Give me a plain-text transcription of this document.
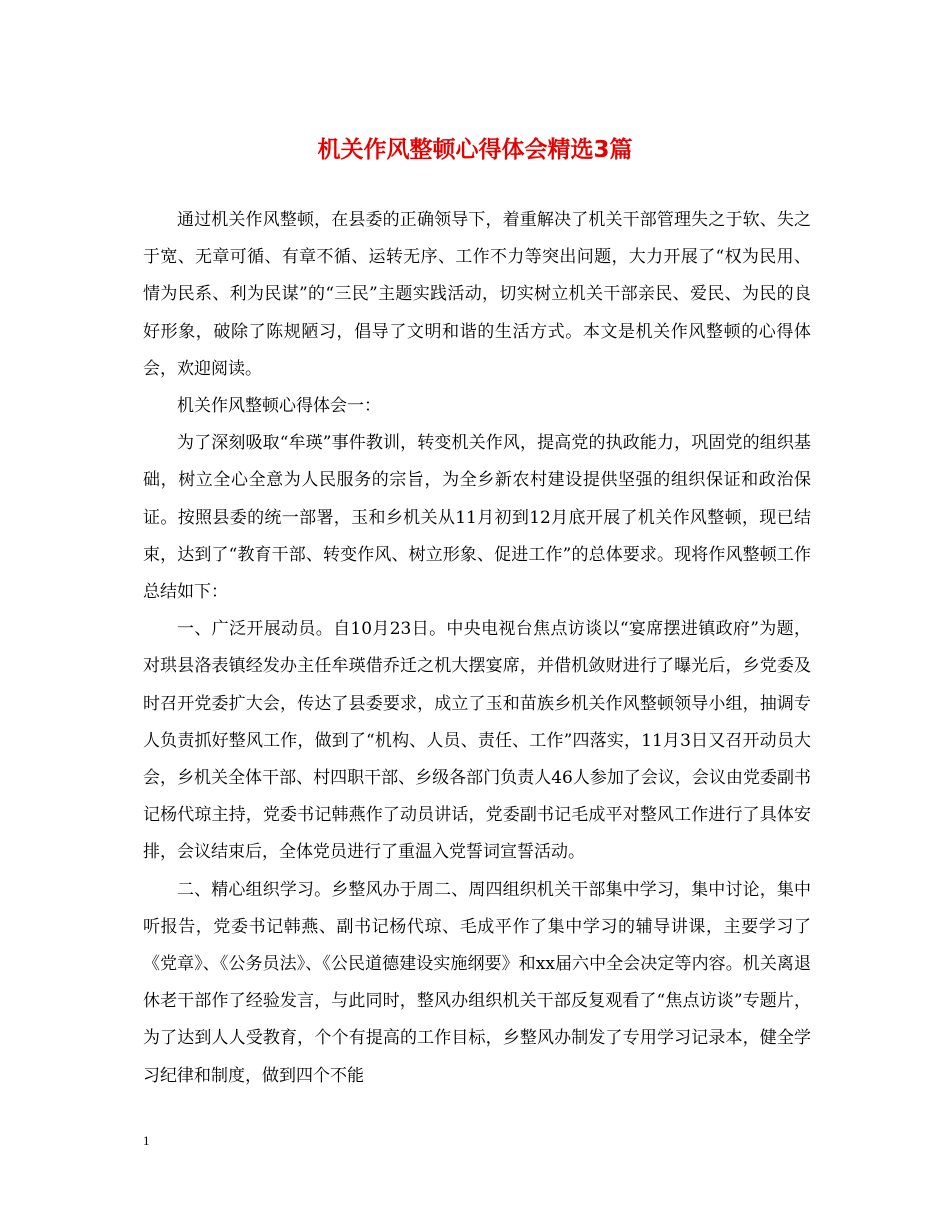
机关作风整顿心得体会精选3篇

通过机关作风整顿，在县委的正确领导下，着重解决了机关干部管理失之于软、失之于宽、无章可循、有章不循、运转无序、工作不力等突出问题，大力开展了“权为民用、情为民系、利为民谋”的“三民”主题实践活动，切实树立机关干部亲民、爱民、为民的良好形象，破除了陈规陋习，倡导了文明和谐的生活方式。本文是机关作风整顿的心得体会，欢迎阅读。

机关作风整顿心得体会一：

为了深刻吸取“牟瑛”事件教训，转变机关作风，提高党的执政能力，巩固党的组织基础，树立全心全意为人民服务的宗旨，为全乡新农村建设提供坚强的组织保证和政治保证。按照县委的统一部署，玉和乡机关从11月初到12月底开展了机关作风整顿，现已结束，达到了“教育干部、转变作风、树立形象、促进工作”的总体要求。现将作风整顿工作总结如下：

一、广泛开展动员。自10月23日。中央电视台焦点访谈以“宴席摆进镇政府”为题，对珙县洛表镇经发办主任牟瑛借乔迁之机大摆宴席，并借机敛财进行了曝光后，乡党委及时召开党委扩大会，传达了县委要求，成立了玉和苗族乡机关作风整顿领导小组，抽调专人负责抓好整风工作，做到了“机构、人员、责任、工作”四落实，11月3日又召开动员大会，乡机关全体干部、村四职干部、乡级各部门负责人46人参加了会议，会议由党委副书记杨代琼主持，党委书记韩燕作了动员讲话，党委副书记毛成平对整风工作进行了具体安排，会议结束后，全体党员进行了重温入党誓词宣誓活动。

二、精心组织学习。乡整风办于周二、周四组织机关干部集中学习，集中讨论，集中听报告，党委书记韩燕、副书记杨代琼、毛成平作了集中学习的辅导讲课，主要学习了《党章》、《公务员法》、《公民道德建设实施纲要》和xx届六中全会决定等内容。机关离退休老干部作了经验发言，与此同时，整风办组织机关干部反复观看了“焦点访谈”专题片，为了达到人人受教育，个个有提高的工作目标，乡整风办制发了专用学习记录本，健全学习纪律和制度，做到四个不能

1
